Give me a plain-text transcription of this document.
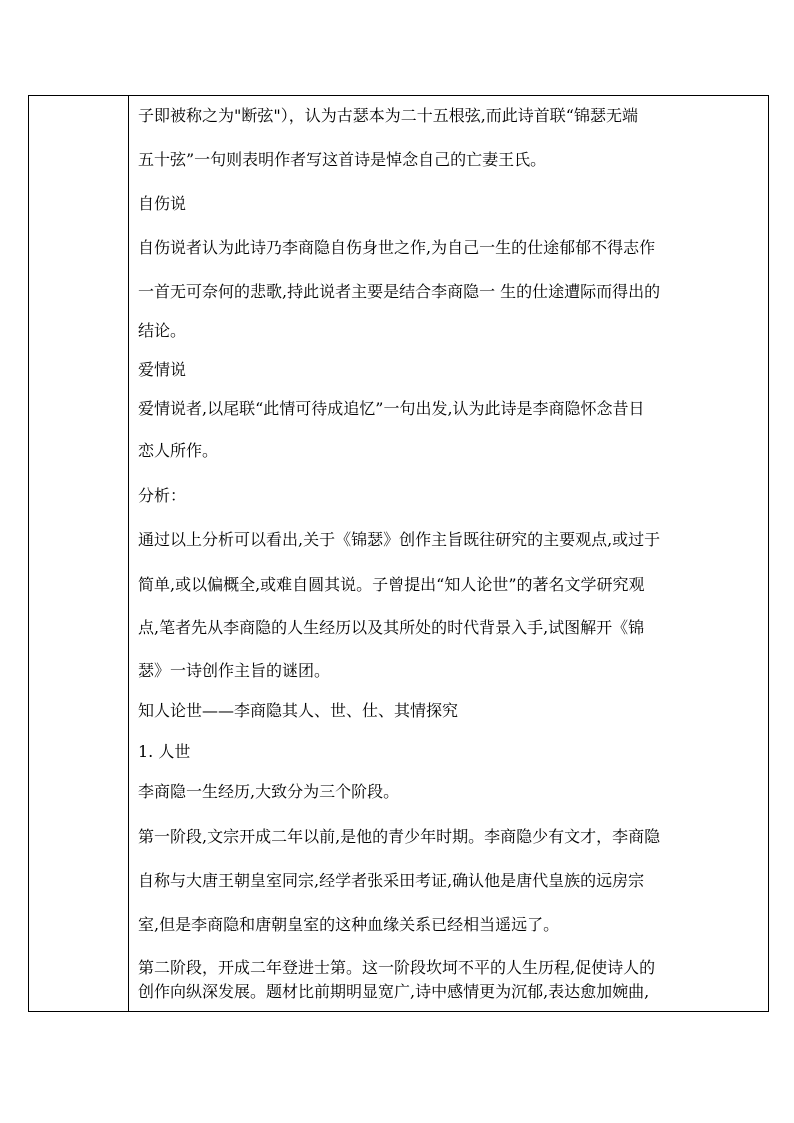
子即被称之为"断弦"），认为古瑟本为二十五根弦,而此诗首联“锦瑟无端

五十弦”一句则表明作者写这首诗是悼念自己的亡妻王氏。

自伤说

自伤说者认为此诗乃李商隐自伤身世之作,为自己一生的仕途郁郁不得志作

一首无可奈何的悲歌,持此说者主要是结合李商隐一 生的仕途遭际而得出的

结论。

爱情说

爱情说者,以尾联“此情可待成追忆”一句出发,认为此诗是李商隐怀念昔日

恋人所作。

分析：

通过以上分析可以看出,关于《锦瑟》创作主旨既往研究的主要观点,或过于

简单,或以偏概全,或难自圆其说。子曾提出“知人论世”的著名文学研究观

点,笔者先从李商隐的人生经历以及其所处的时代背景入手,试图解开《锦

瑟》一诗创作主旨的谜团。

知人论世——李商隐其人、世、仕、其情探究

1. 人世

李商隐一生经历,大致分为三个阶段。

第一阶段,文宗开成二年以前,是他的青少年时期。李商隐少有文才，李商隐

自称与大唐王朝皇室同宗,经学者张采田考证,确认他是唐代皇族的远房宗

室,但是李商隐和唐朝皇室的这种血缘关系已经相当遥远了。

第二阶段，开成二年登进士第。这一阶段坎坷不平的人生历程,促使诗人的

创作向纵深发展。题材比前期明显宽广,诗中感情更为沉郁,表达愈加婉曲,
